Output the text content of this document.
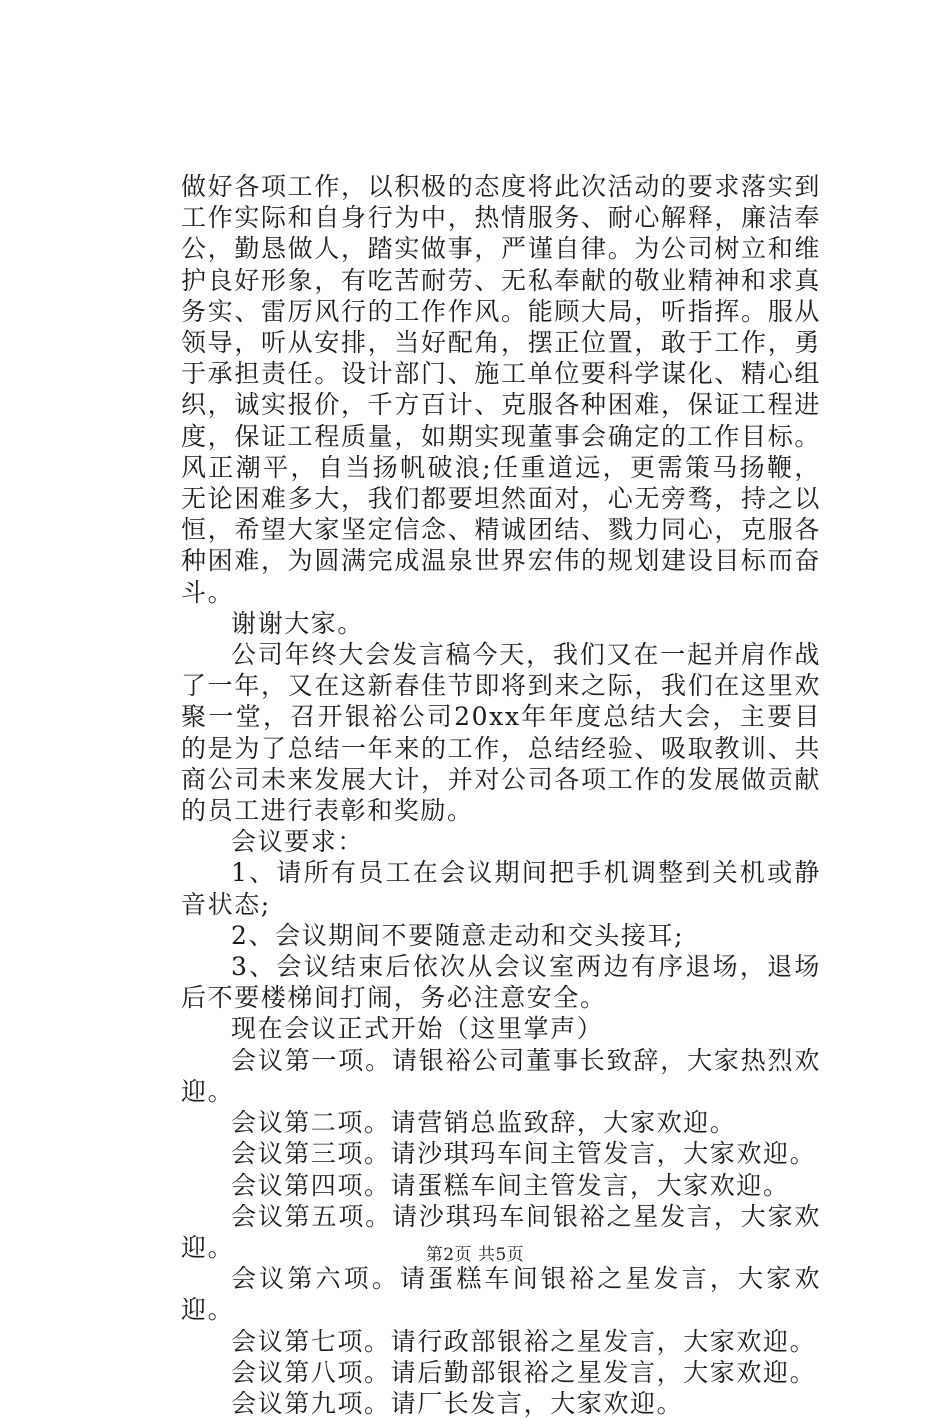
做好各项工作，以积极的态度将此次活动的要求落实到工作实际和自身行为中，热情服务、耐心解释，廉洁奉公，勤恳做人，踏实做事，严谨自律。为公司树立和维护良好形象，有吃苦耐劳、无私奉献的敬业精神和求真务实、雷厉风行的工作作风。能顾大局，听指挥。服从领导，听从安排，当好配角，摆正位置，敢于工作，勇于承担责任。设计部门、施工单位要科学谋化、精心组织，诚实报价，千方百计、克服各种困难，保证工程进度，保证工程质量，如期实现董事会确定的工作目标。风正潮平，自当扬帆破浪;任重道远，更需策马扬鞭，无论困难多大，我们都要坦然面对，心无旁骛，持之以恒，希望大家坚定信念、精诚团结、戮力同心，克服各种困难，为圆满完成温泉世界宏伟的规划建设目标而奋斗。

谢谢大家。

公司年终大会发言稿今天，我们又在一起并肩作战了一年，又在这新春佳节即将到来之际，我们在这里欢聚一堂，召开银裕公司20xx年年度总结大会，主要目的是为了总结一年来的工作，总结经验、吸取教训、共商公司未来发展大计，并对公司各项工作的发展做贡献的员工进行表彰和奖励。

会议要求：

1、请所有员工在会议期间把手机调整到关机或静音状态;

2、会议期间不要随意走动和交头接耳;

3、会议结束后依次从会议室两边有序退场，退场后不要楼梯间打闹，务必注意安全。

现在会议正式开始（这里掌声）

会议第一项。请银裕公司董事长致辞，大家热烈欢迎。

会议第二项。请营销总监致辞，大家欢迎。

会议第三项。请沙琪玛车间主管发言，大家欢迎。

会议第四项。请蛋糕车间主管发言，大家欢迎。

会议第五项。请沙琪玛车间银裕之星发言，大家欢迎。

会议第六项。请蛋糕车间银裕之星发言，大家欢迎。

会议第七项。请行政部银裕之星发言，大家欢迎。

会议第八项。请后勤部银裕之星发言，大家欢迎。

会议第九项。请厂长发言，大家欢迎。

第2页 共5页
